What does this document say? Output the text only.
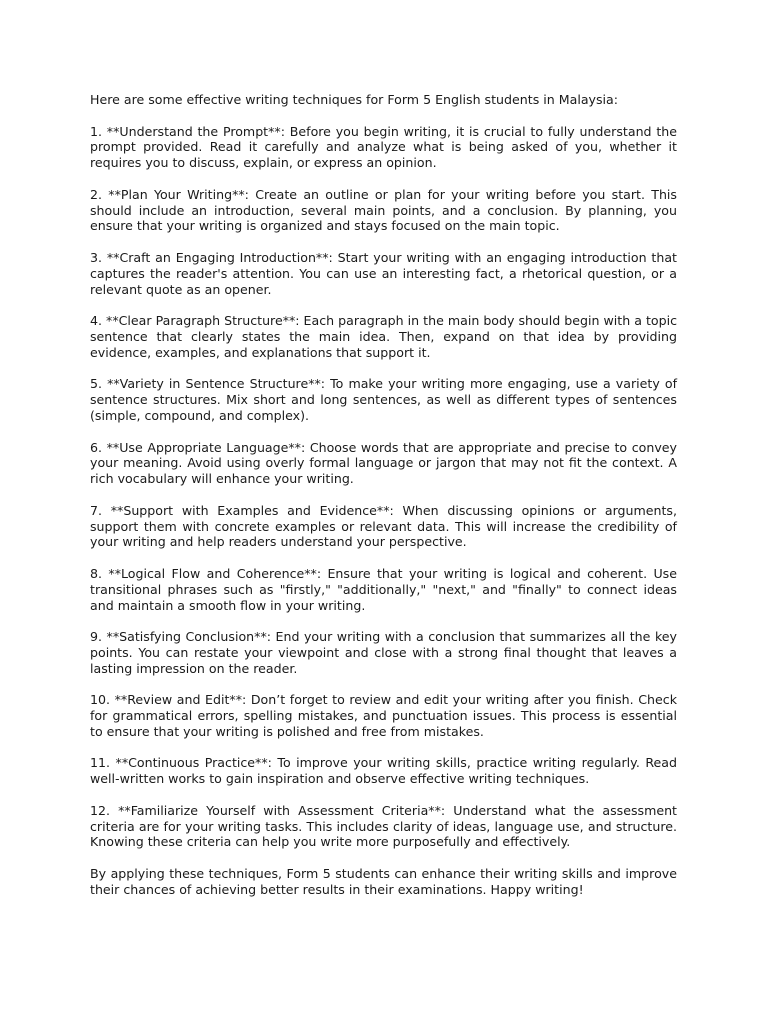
Here are some effective writing techniques for Form 5 English students in Malaysia:

1. **Understand the Prompt**: Before you begin writing, it is crucial to fully understand the prompt provided. Read it carefully and analyze what is being asked of you, whether it requires you to discuss, explain, or express an opinion.

2. **Plan Your Writing**: Create an outline or plan for your writing before you start. This should include an introduction, several main points, and a conclusion. By planning, you ensure that your writing is organized and stays focused on the main topic.

3. **Craft an Engaging Introduction**: Start your writing with an engaging introduction that captures the reader's attention. You can use an interesting fact, a rhetorical question, or a relevant quote as an opener.

4. **Clear Paragraph Structure**: Each paragraph in the main body should begin with a topic sentence that clearly states the main idea. Then, expand on that idea by providing evidence, examples, and explanations that support it.

5. **Variety in Sentence Structure**: To make your writing more engaging, use a variety of sentence structures. Mix short and long sentences, as well as different types of sentences (simple, compound, and complex).

6. **Use Appropriate Language**: Choose words that are appropriate and precise to convey your meaning. Avoid using overly formal language or jargon that may not fit the context. A rich vocabulary will enhance your writing.

7. **Support with Examples and Evidence**: When discussing opinions or arguments, support them with concrete examples or relevant data. This will increase the credibility of your writing and help readers understand your perspective.

8. **Logical Flow and Coherence**: Ensure that your writing is logical and coherent. Use transitional phrases such as "firstly," "additionally," "next," and "finally" to connect ideas and maintain a smooth flow in your writing.

9. **Satisfying Conclusion**: End your writing with a conclusion that summarizes all the key points. You can restate your viewpoint and close with a strong final thought that leaves a lasting impression on the reader.

10. **Review and Edit**: Don’t forget to review and edit your writing after you finish. Check for grammatical errors, spelling mistakes, and punctuation issues. This process is essential to ensure that your writing is polished and free from mistakes.

11. **Continuous Practice**: To improve your writing skills, practice writing regularly. Read well-written works to gain inspiration and observe effective writing techniques.

12. **Familiarize Yourself with Assessment Criteria**: Understand what the assessment criteria are for your writing tasks. This includes clarity of ideas, language use, and structure. Knowing these criteria can help you write more purposefully and effectively.

By applying these techniques, Form 5 students can enhance their writing skills and improve their chances of achieving better results in their examinations. Happy writing!
